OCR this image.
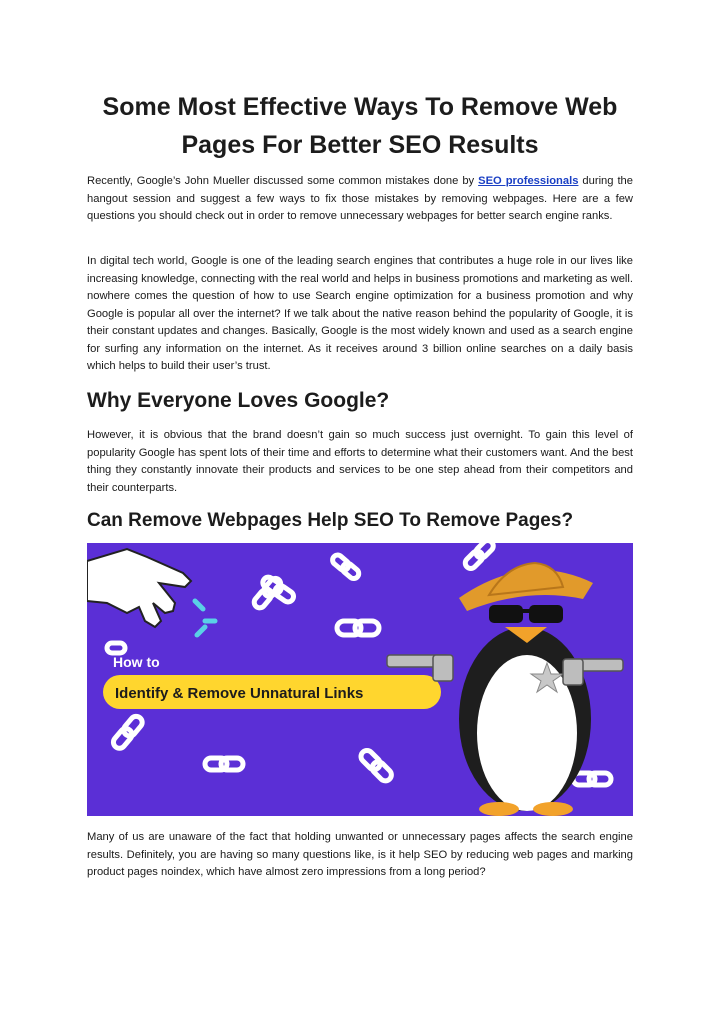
Some Most Effective Ways To Remove Web Pages For Better SEO Results

Recently, Google’s John Mueller discussed some common mistakes done by SEO professionals during the hangout session and suggest a few ways to fix those mistakes by removing webpages. Here are a few questions you should check out in order to remove unnecessary webpages for better search engine ranks.

In digital tech world, Google is one of the leading search engines that contributes a huge role in our lives like increasing knowledge, connecting with the real world and helps in business promotions and marketing as well. nowhere comes the question of how to use Search engine optimization for a business promotion and why Google is popular all over the internet? If we talk about the native reason behind the popularity of Google, it is their constant updates and changes. Basically, Google is the most widely known and used as a search engine for surfing any information on the internet. As it receives around 3 billion online searches on a daily basis which helps to build their user’s trust.

Why Everyone Loves Google?

However, it is obvious that the brand doesn’t gain so much success just overnight. To gain this level of popularity Google has spent lots of their time and efforts to determine what their customers want. And the best thing they constantly innovate their products and services to be one step ahead from their competitors and their counterparts.

Can Remove Webpages Help SEO To Remove Pages?
How to
Identify & Remove Unnatural Links

Many of us are unaware of the fact that holding unwanted or unnecessary pages affects the search engine results. Definitely, you are having so many questions like, is it help SEO by reducing web pages and marking product pages noindex, which have almost zero impressions from a long period?
